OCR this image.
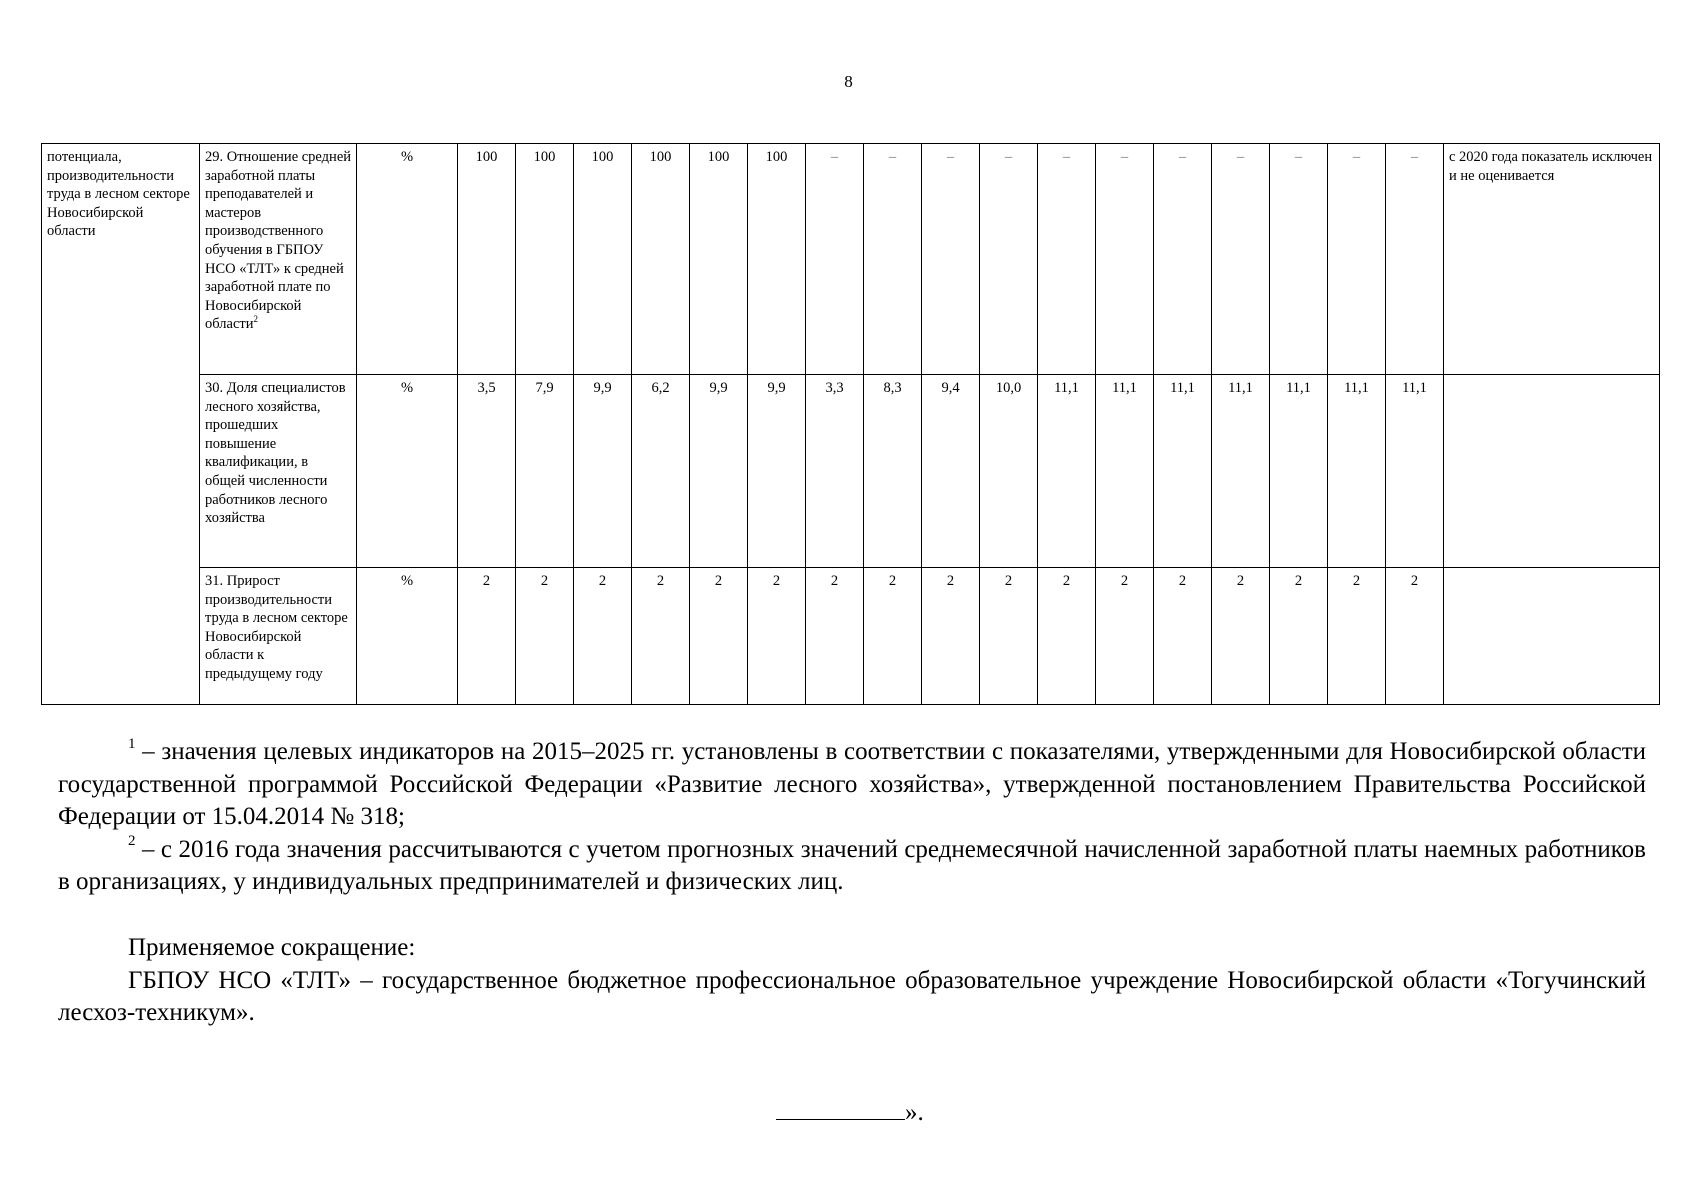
8
потенциала, производительности труда в лесном секторе Новосибирской области	29. Отношение средней заработной платы преподавателей и мастеров производственного обучения в ГБПОУ НСО «ТЛТ» к средней заработной плате по Новосибирской области$^2$	%	100	100	100	100	100	100	–	–	–	–	–	–	–	–	–	–	–	с 2020 года показатель исключен и не оценивается
	30. Доля специалистов лесного хозяйства, прошедших повышение квалификации, в общей численности работников лесного хозяйства	%	3,5	7,9	9,9	6,2	9,9	9,9	3,3	8,3	9,4	10,0	11,1	11,1	11,1	11,1	11,1	11,1	11,1	
	31. Прирост производительности труда в лесном секторе Новосибирской области к предыдущему году	%	2	2	2	2	2	2	2	2	2	2	2	2	2	2	2	2	2	

$^1$ – значения целевых индикаторов на 2015–2025 гг. установлены в соответствии с показателями, утвержденными для Новосибирской области государственной программой Российской Федерации «Развитие лесного хозяйства», утвержденной постановлением Правительства Российской Федерации от 15.04.2014 № 318;

$^2$ – с 2016 года значения рассчитываются с учетом прогнозных значений среднемесячной начисленной заработной платы наемных работников в организациях, у индивидуальных предпринимателей и физических лиц.

Применяемое сокращение:

ГБПОУ НСО «ТЛТ» – государственное бюджетное профессиональное образовательное учреждение Новосибирской области «Тогучинский лесхоз-техникум».

».
